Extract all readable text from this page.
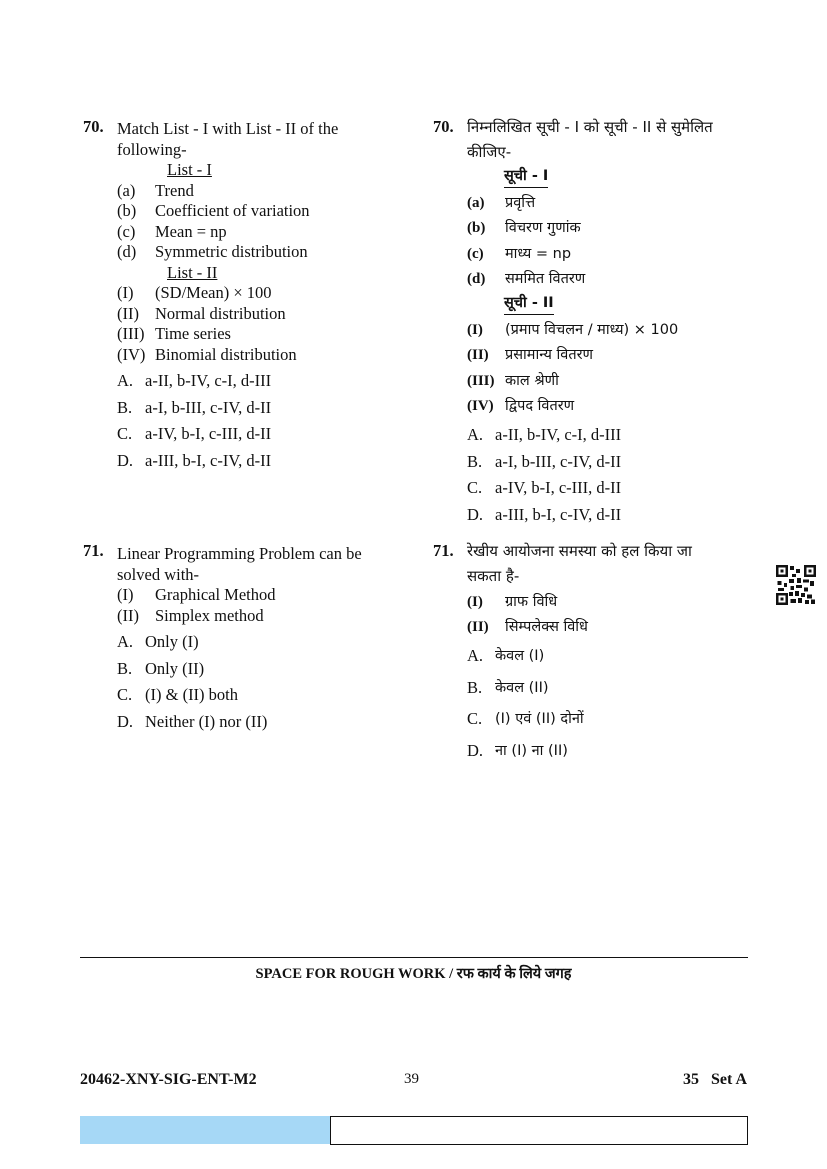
70. Match List - I with List - II of the

following-

List - I
(a)	Trend
(b)	Coefficient of variation
(c)	Mean = np
(d)	Symmetric distribution
List - II
(I)	(SD/Mean) × 100
(II) Normal distribution
(III) Time series
(IV) Binomial distribution
A. a-II, b-IV, c-I, d-III
B. a-I, b-III, c-IV, d-II
C. a-IV, b-I, c-III, d-II
D. a-III, b-I, c-IV, d-II
70. निम्नलिखित सूची - I को सूची - II से सुमेलित

कीजिए-

सूची - I
(a)	प्रवृत्ति
(b)	विचरण गुणांक
(c)	माध्य = np
(d)	सममित वितरण
सूची - II
(I)	(प्रमाप विचलन / माध्य) × 100
(II)	प्रसामान्य वितरण
(III) काल श्रेणी
(IV) द्विपद वितरण
A. a-II, b-IV, c-I, d-III
B. a-I, b-III, c-IV, d-II
C. a-IV, b-I, c-III, d-II
D. a-III, b-I, c-IV, d-II
71. Linear Programming Problem can be

solved with-

(I)	Graphical Method
(II) Simplex method
A. Only (I)
B. Only (II)
C. (I) & (II) both
D. Neither (I) nor (II)
71. रेखीय आयोजना समस्या को हल किया जा

सकता है-

(I)	ग्राफ विधि
(II)	सिम्पलेक्स विधि
A. केवल (I)
B. केवल (II)
C. (I) एवं (II) दोनों
D. ना (I) ना (II)
SPACE FOR ROUGH WORK / रफ कार्य के लिये जगह
20462-XNY-SIG-ENT-M2	39	35   Set A
